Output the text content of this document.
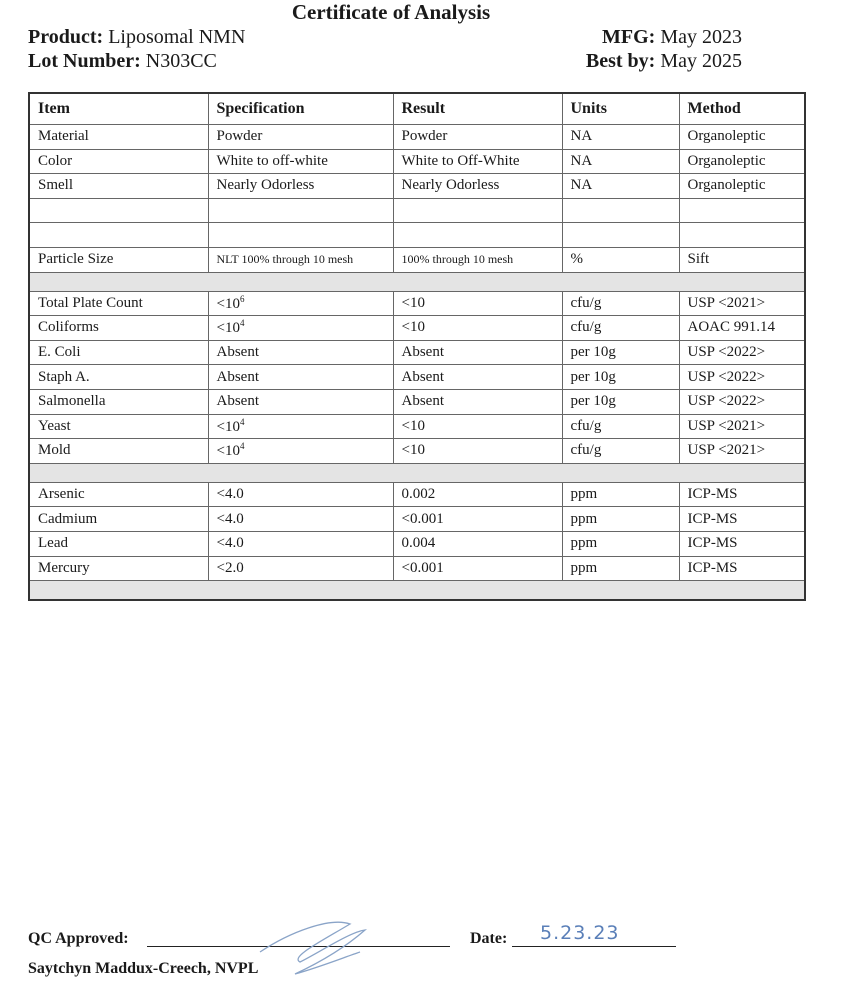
Certificate of Analysis
Product: Liposomal NMN
Lot Number: N303CC
MFG: May 2023
Best by: May 2025
Item	Specification	Result	Units	Method
Material	Powder	Powder	NA	Organoleptic
Color	White to off-white	White to Off-White	NA	Organoleptic
Smell	Nearly Odorless	Nearly Odorless	NA	Organoleptic

Particle Size	NLT 100% through 10 mesh	100% through 10 mesh	%	Sift

Total Plate Count	$<10^6$	<10	cfu/g	USP <2021>
Coliforms	$<10^4$	<10	cfu/g	AOAC 991.14
E. Coli	Absent	Absent	per 10g	USP <2022>
Staph A.	Absent	Absent	per 10g	USP <2022>
Salmonella	Absent	Absent	per 10g	USP <2022>
Yeast	$<10^4$	<10	cfu/g	USP <2021>
Mold	$<10^4$	<10	cfu/g	USP <2021>

Arsenic	<4.0	0.002	ppm	ICP-MS
Cadmium	<4.0	<0.001	ppm	ICP-MS
Lead	<4.0	0.004	ppm	ICP-MS
Mercury	<2.0	<0.001	ppm	ICP-MS

QC Approved:	Date: 5.23.23
Saytchyn Maddux-Creech, NVPL
